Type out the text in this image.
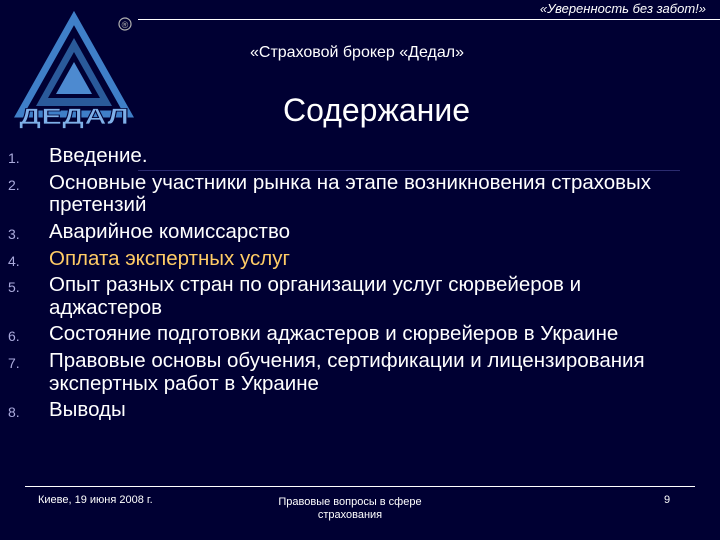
«Уверенность без забот!»
®
ДЕДАЛ
«Страховой брокер «Дедал»
Содержание
1. Введение.
2. Основные участники рынка на этапе возникновения страховых претензий
3. Аварийное комиссарство
4. Оплата экспертных услуг
5. Опыт разных стран по организации услуг сюрвейеров и аджастеров
6. Состояние подготовки аджастеров и сюрвейеров в Украине
7. Правовые основы обучения, сертификации и лицензирования экспертных работ в Украине
8. Выводы
Киеве, 19 июня 2008 г.	Правовые вопросы в сфере страхования
9
